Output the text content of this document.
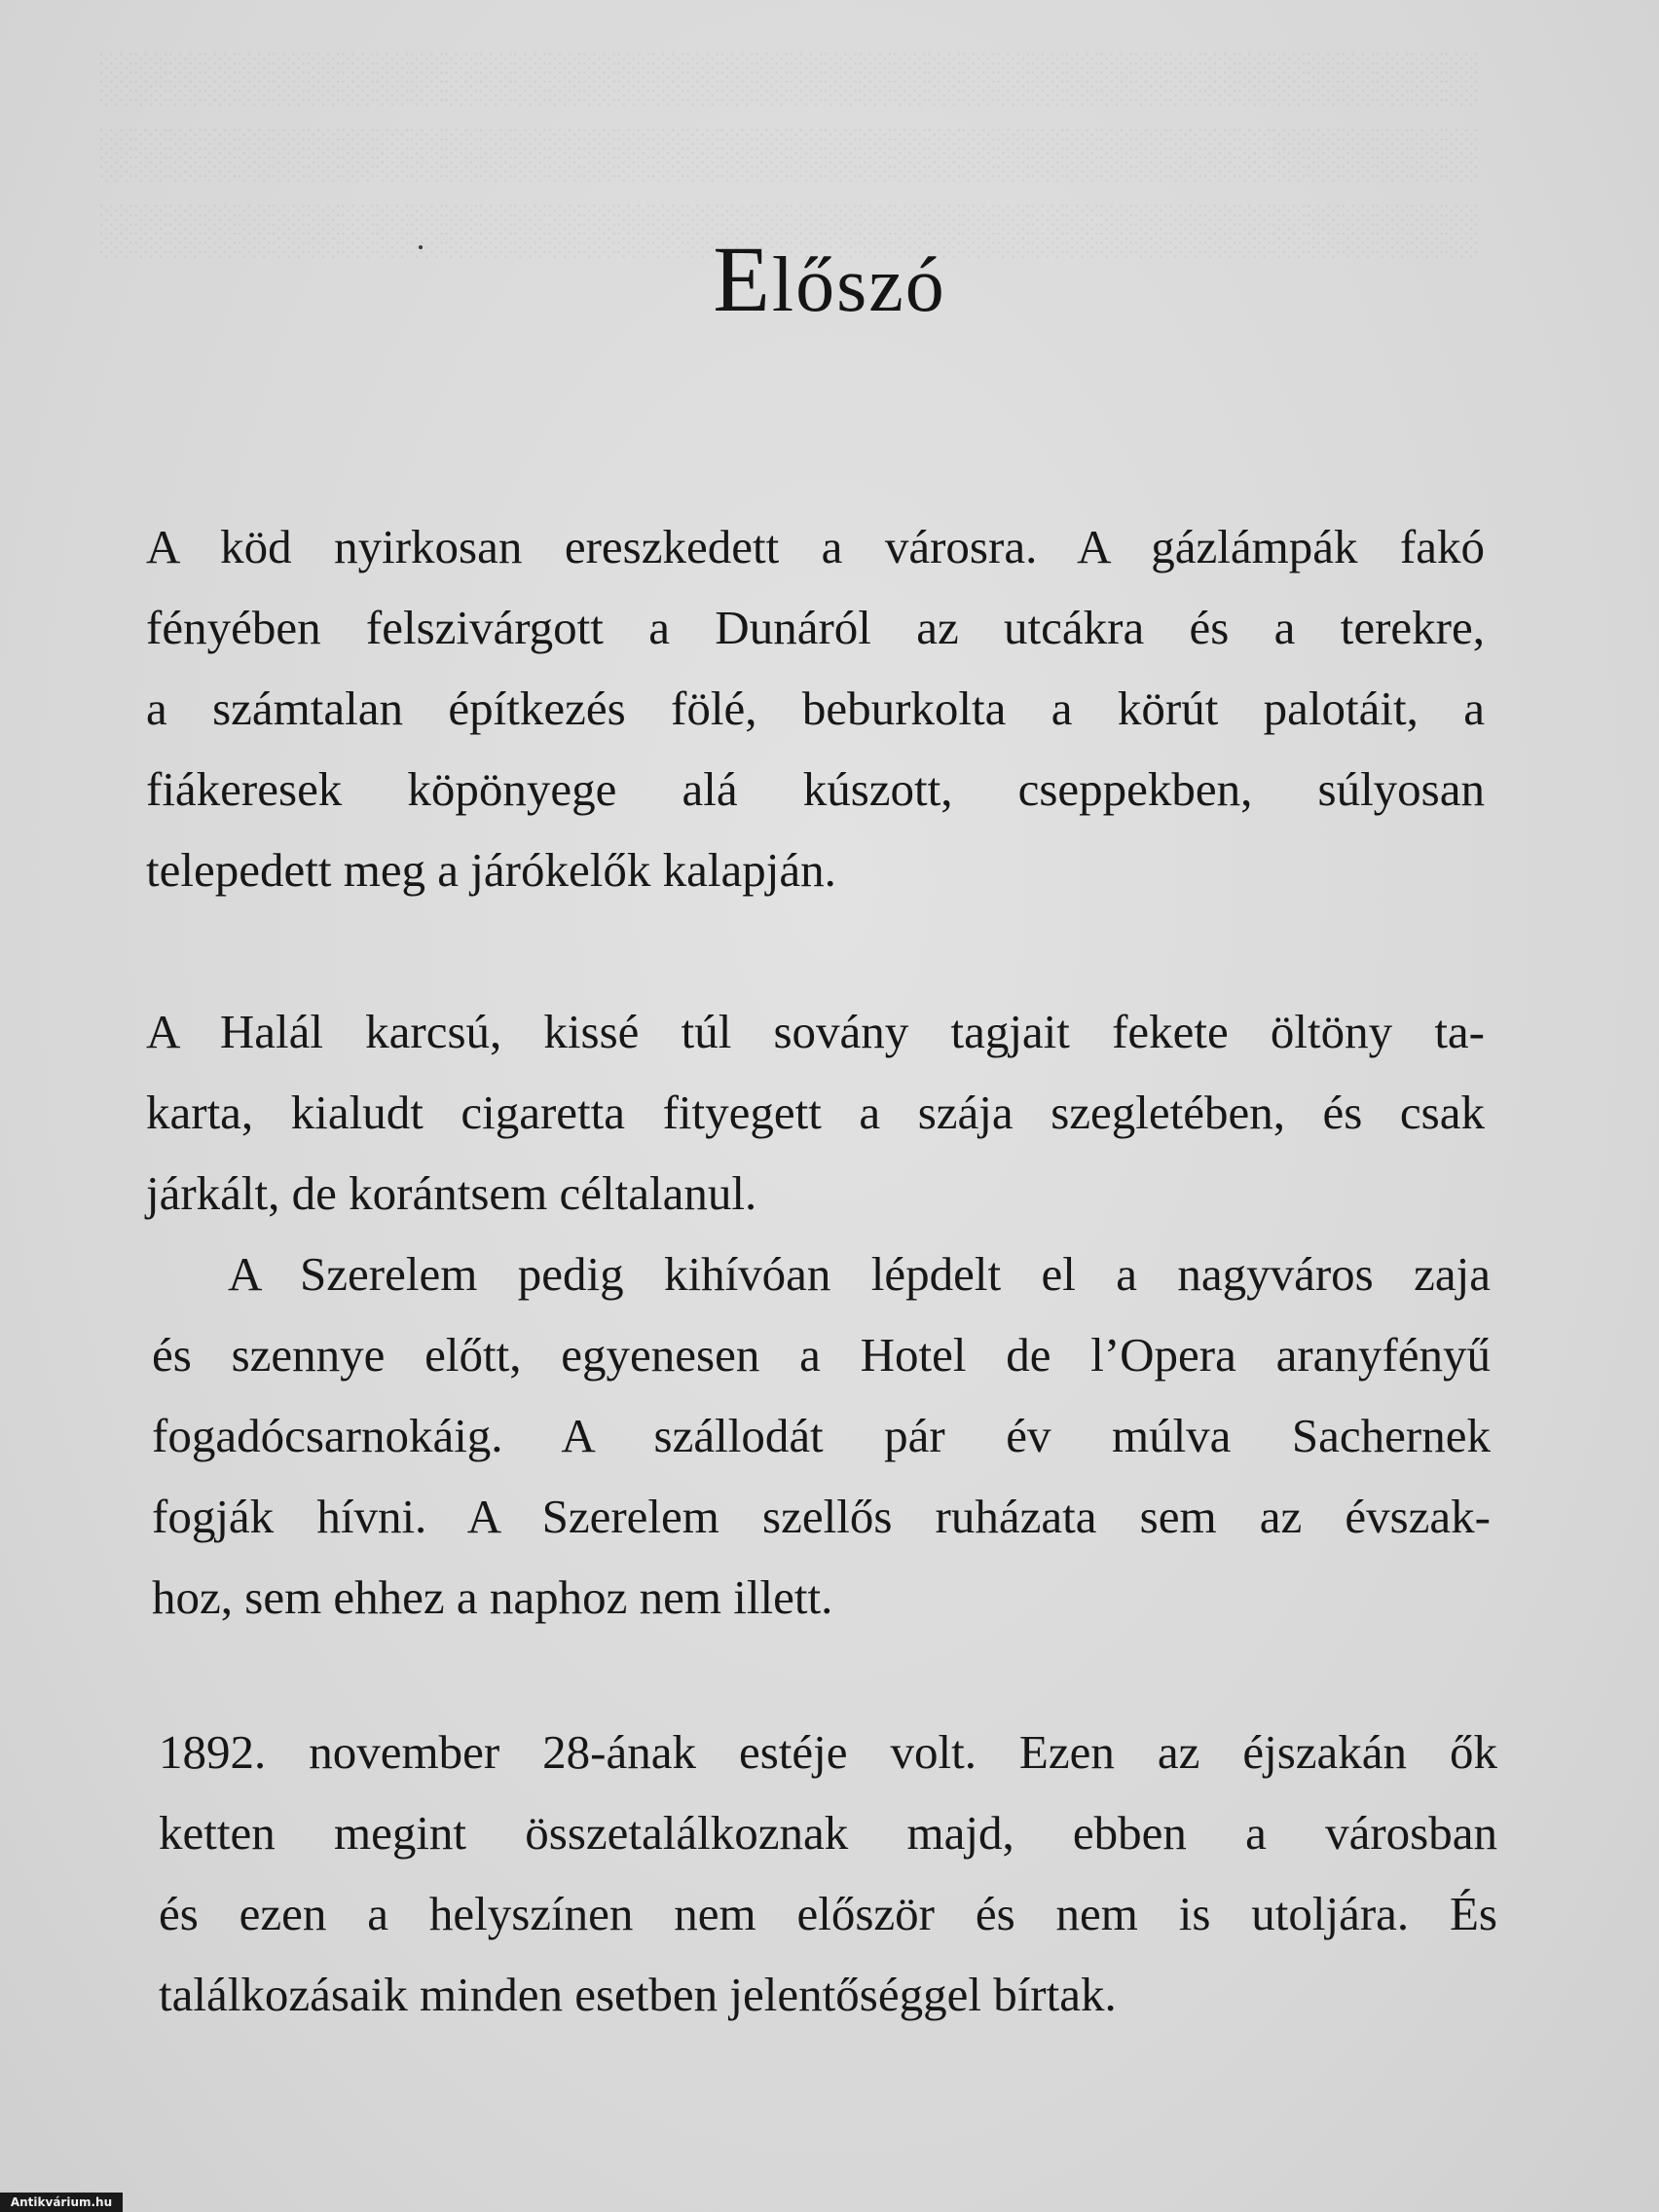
Előszó
A köd nyirkosan ereszkedett a városra. A gázlámpák fakó
fényében felszivárgott a Dunáról az utcákra és a terekre,
a számtalan építkezés fölé, beburkolta a körút palotáit, a
fiákeresek köpönyege alá kúszott, cseppekben, súlyosan
telepedett meg a járókelők kalapján.
A Halál karcsú, kissé túl sovány tagjait fekete öltöny ta-
karta, kialudt cigaretta fityegett a szája szegletében, és csak
járkált, de korántsem céltalanul.
A Szerelem pedig kihívóan lépdelt el a nagyváros zaja
és szennye előtt, egyenesen a Hotel de l’Opera aranyfényű
fogadócsarnokáig. A szállodát pár év múlva Sachernek
fogják hívni. A Szerelem szellős ruházata sem az évszak-
hoz, sem ehhez a naphoz nem illett.
1892. november 28-ának estéje volt. Ezen az éjszakán ők
ketten megint összetalálkoznak majd, ebben a városban
és ezen a helyszínen nem először és nem is utoljára. És
találkozásaik minden esetben jelentőséggel bírtak.
Antikvárium.hu
